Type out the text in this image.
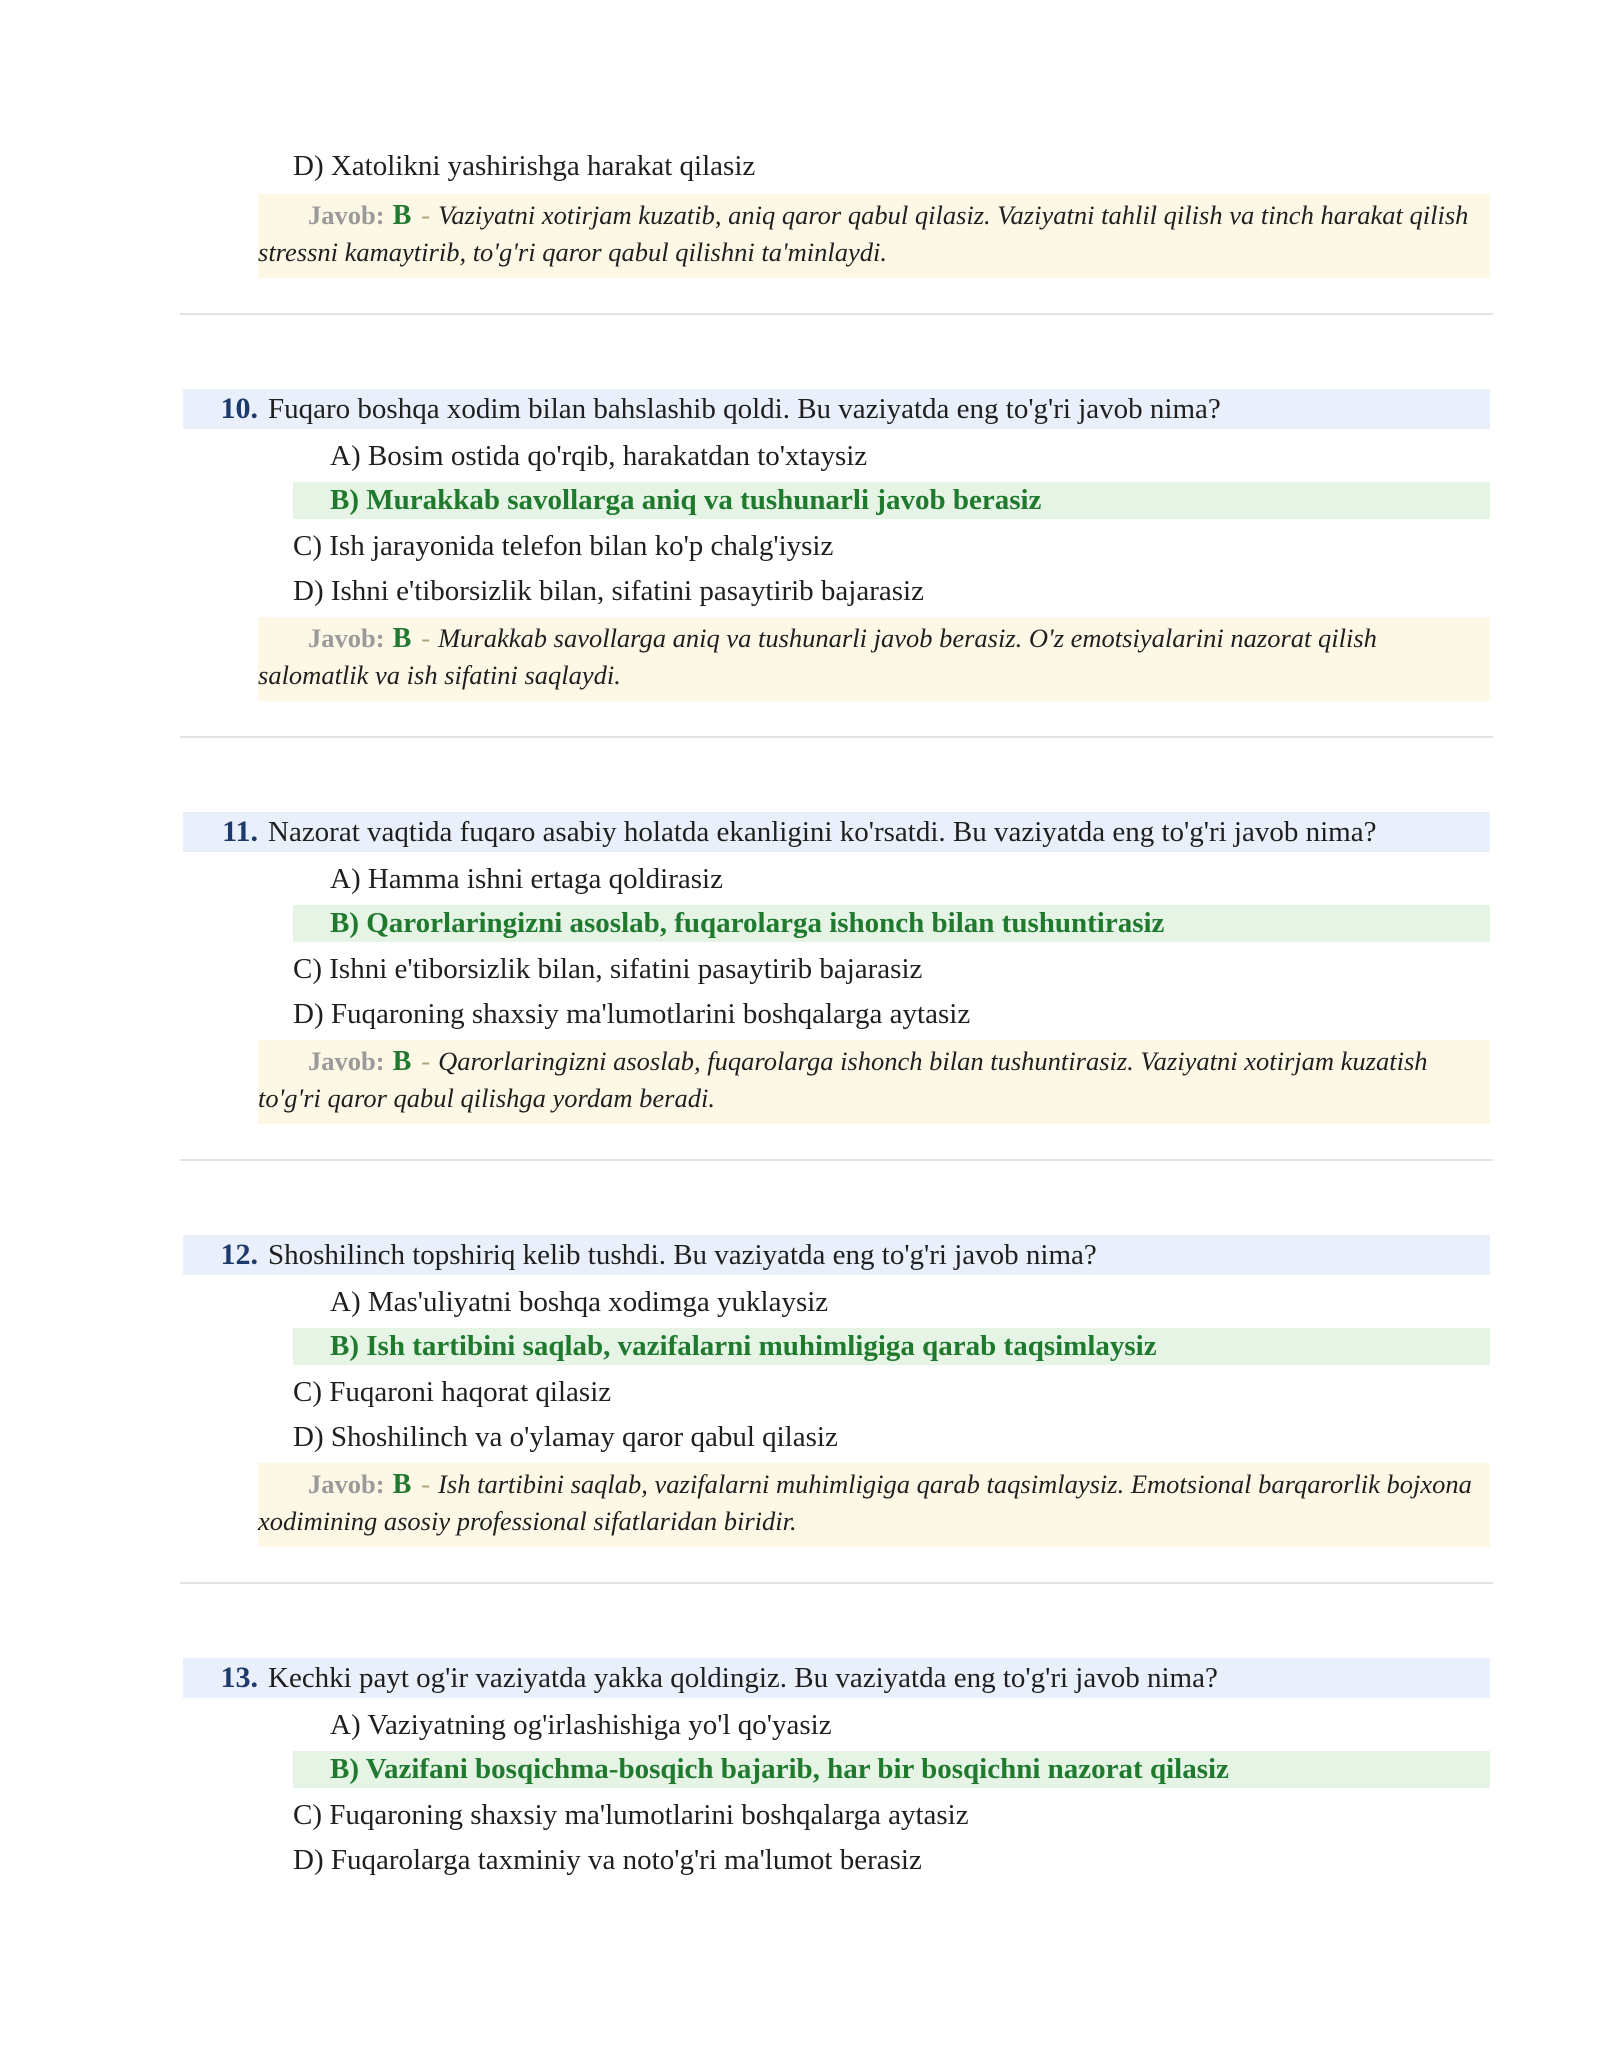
D) Xatolikni yashirishga harakat qilasiz
Javob: B - Vaziyatni xotirjam kuzatib, aniq qaror qabul qilasiz. Vaziyatni tahlil qilish va tinch harakat qilish stressni kamaytirib, to'g'ri qaror qabul qilishni ta'minlaydi.
10. Fuqaro boshqa xodim bilan bahslashib qoldi. Bu vaziyatda eng to'g'ri javob nima?
A) Bosim ostida qo'rqib, harakatdan to'xtaysiz
B) Murakkab savollarga aniq va tushunarli javob berasiz
C) Ish jarayonida telefon bilan ko'p chalg'iysiz
D) Ishni e'tiborsizlik bilan, sifatini pasaytirib bajarasiz
Javob: B - Murakkab savollarga aniq va tushunarli javob berasiz. O'z emotsiyalarini nazorat qilish salomatlik va ish sifatini saqlaydi.
11. Nazorat vaqtida fuqaro asabiy holatda ekanligini ko'rsatdi. Bu vaziyatda eng to'g'ri javob nima?
A) Hamma ishni ertaga qoldirasiz
B) Qarorlaringizni asoslab, fuqarolarga ishonch bilan tushuntirasiz
C) Ishni e'tiborsizlik bilan, sifatini pasaytirib bajarasiz
D) Fuqaroning shaxsiy ma'lumotlarini boshqalarga aytasiz
Javob: B - Qarorlaringizni asoslab, fuqarolarga ishonch bilan tushuntirasiz. Vaziyatni xotirjam kuzatish to'g'ri qaror qabul qilishga yordam beradi.
12. Shoshilinch topshiriq kelib tushdi. Bu vaziyatda eng to'g'ri javob nima?
A) Mas'uliyatni boshqa xodimga yuklaysiz
B) Ish tartibini saqlab, vazifalarni muhimligiga qarab taqsimlaysiz
C) Fuqaroni haqorat qilasiz
D) Shoshilinch va o'ylamay qaror qabul qilasiz
Javob: B - Ish tartibini saqlab, vazifalarni muhimligiga qarab taqsimlaysiz. Emotsional barqarorlik bojxona xodimining asosiy professional sifatlaridan biridir.
13. Kechki payt og'ir vaziyatda yakka qoldingiz. Bu vaziyatda eng to'g'ri javob nima?
A) Vaziyatning og'irlashishiga yo'l qo'yasiz
B) Vazifani bosqichma-bosqich bajarib, har bir bosqichni nazorat qilasiz
C) Fuqaroning shaxsiy ma'lumotlarini boshqalarga aytasiz
D) Fuqarolarga taxminiy va noto'g'ri ma'lumot berasiz
